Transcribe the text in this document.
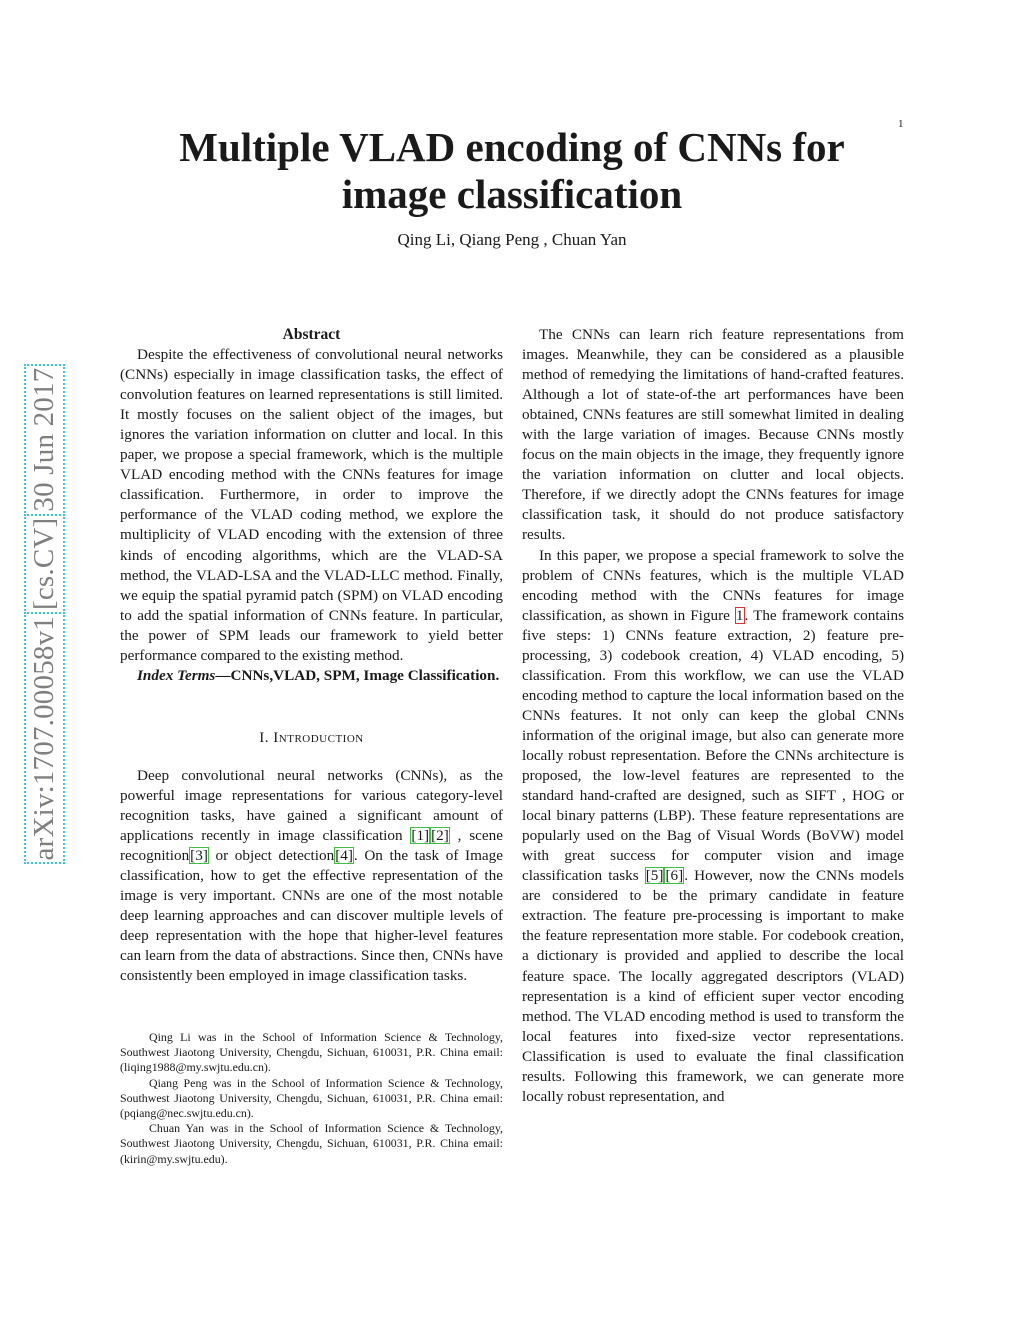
1
arXiv:1707.00058v1
[cs.CV]
30 Jun 2017
Multiple VLAD encoding of CNNs for
image classification
Qing Li, Qiang Peng , Chuan Yan
Abstract

Despite the effectiveness of convolutional neural networks (CNNs) especially in image classification tasks, the effect of convolution features on learned representations is still limited. It mostly focuses on the salient object of the images, but ignores the variation information on clutter and local. In this paper, we propose a special framework, which is the multiple VLAD encoding method with the CNNs features for image classification. Furthermore, in order to improve the performance of the VLAD coding method, we explore the multiplicity of VLAD encoding with the extension of three kinds of encoding algorithms, which are the VLAD-SA method, the VLAD-LSA and the VLAD-LLC method. Finally, we equip the spatial pyramid patch (SPM) on VLAD encoding to add the spatial information of CNNs feature. In particular, the power of SPM leads our framework to yield better performance compared to the existing method.

Index Terms—CNNs,VLAD, SPM, Image Classification.

I. Introduction

Deep convolutional neural networks (CNNs), as the powerful image representations for various category-level recognition tasks, have gained a significant amount of applications recently in image classification [1] [2] , scene recognition[3] or object detection[4]. On the task of Image classification, how to get the effective representation of the image is very important. CNNs are one of the most notable deep learning approaches and can discover multiple levels of deep representation with the hope that higher-level features can learn from the data of abstractions. Since then, CNNs have consistently been employed in image classification tasks.

Qing Li was in the School of Information Science & Technology, Southwest Jiaotong University, Chengdu, Sichuan, 610031, P.R. China email: (liqing1988@my.swjtu.edu.cn).

Qiang Peng was in the School of Information Science & Technology, Southwest Jiaotong University, Chengdu, Sichuan, 610031, P.R. China email: (pqiang@nec.swjtu.edu.cn).

Chuan Yan was in the School of Information Science & Technology, Southwest Jiaotong University, Chengdu, Sichuan, 610031, P.R. China email: (kirin@my.swjtu.edu).

The CNNs can learn rich feature representations from images. Meanwhile, they can be considered as a plausible method of remedying the limitations of hand-crafted features. Although a lot of state-of-the art performances have been obtained, CNNs features are still somewhat limited in dealing with the large variation of images. Because CNNs mostly focus on the main objects in the image, they frequently ignore the variation information on clutter and local objects. Therefore, if we directly adopt the CNNs features for image classification task, it should do not produce satisfactory results.

In this paper, we propose a special framework to solve the problem of CNNs features, which is the multiple VLAD encoding method with the CNNs features for image classification, as shown in Figure 1. The framework contains five steps: 1) CNNs feature extraction, 2) feature pre- processing, 3) codebook creation, 4) VLAD encoding, 5) classification. From this workflow, we can use the VLAD encoding method to capture the local information based on the CNNs features. It not only can keep the global CNNs information of the original image, but also can generate more locally robust representation. Before the CNNs architecture is proposed, the low-level features are represented to the standard hand-crafted are designed, such as SIFT , HOG or local binary patterns (LBP). These feature representations are popularly used on the Bag of Visual Words (BoVW) model with great success for computer vision and image classification tasks [5] [6]. However, now the CNNs models are considered to be the primary candidate in feature extraction. The feature pre-processing is important to make the feature representation more stable. For codebook creation, a dictionary is provided and applied to describe the local feature space. The locally aggregated descriptors (VLAD) representation is a kind of efficient super vector encoding method. The VLAD encoding method is used to transform the local features into fixed-size vector representations. Classification is used to evaluate the final classification results. Following this framework, we can generate more locally robust representation, and
